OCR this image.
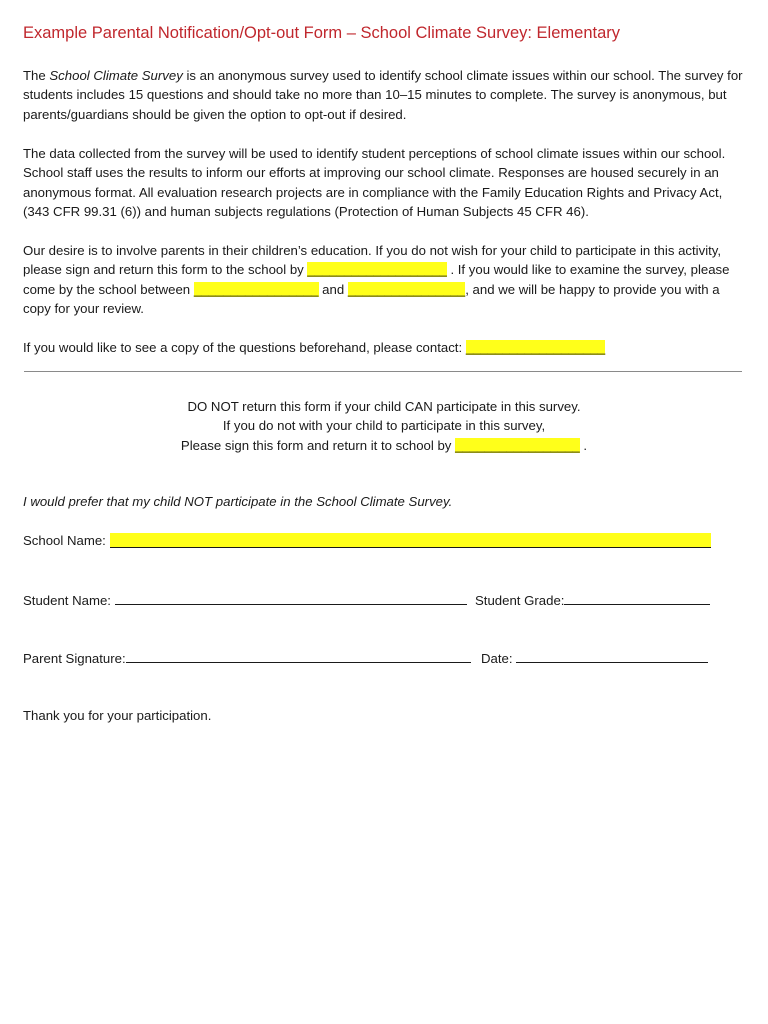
Example Parental Notification/Opt-out Form – School Climate Survey: Elementary
The School Climate Survey is an anonymous survey used to identify school climate issues within our school. The survey for students includes 15 questions and should take no more than 10–15 minutes to complete. The survey is anonymous, but parents/guardians should be given the option to opt-out if desired.
The data collected from the survey will be used to identify student perceptions of school climate issues within our school. School staff uses the results to inform our efforts at improving our school climate. Responses are housed securely in an anonymous format. All evaluation research projects are in compliance with the Family Education Rights and Privacy Act, (343 CFR 99.31 (6)) and human subjects regulations (Protection of Human Subjects 45 CFR 46).
Our desire is to involve parents in their children’s education. If you do not wish for your child to participate in this activity, please sign and return this form to the school by ___________________ . If you would like to examine the survey, please come by the school between _________________ and ________________, and we will be happy to provide you with a copy for your review.
If you would like to see a copy of the questions beforehand, please contact: ___________________
DO NOT return this form if your child CAN participate in this survey.
If you do not with your child to participate in this survey,
Please sign this form and return it to school by _________________ .
I would prefer that my child NOT participate in the School Climate Survey.
School Name:
Student Name:	Student Grade:
Parent Signature:	Date:
Thank you for your participation.
